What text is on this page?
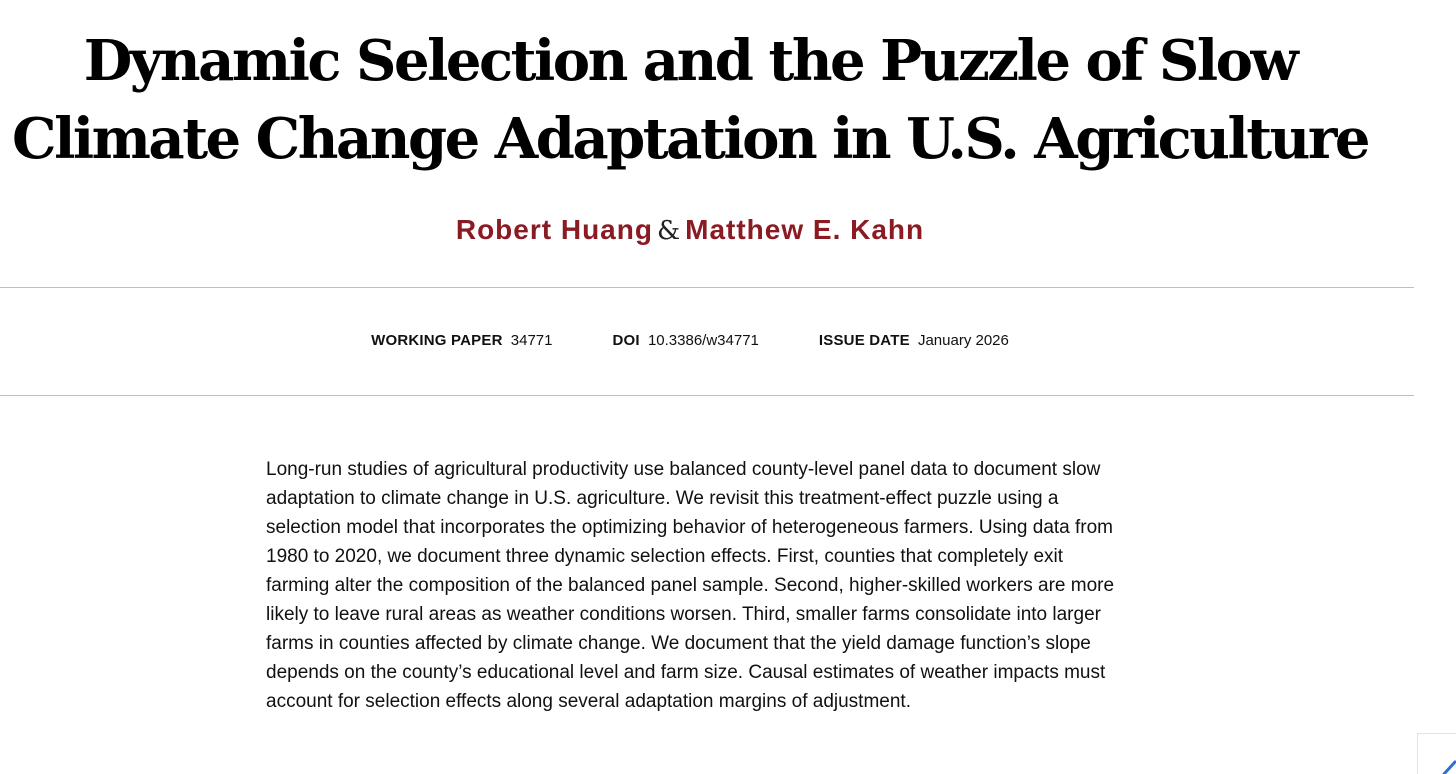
Dynamic Selection and the Puzzle of Slow Climate Change Adaptation in U.S. Agriculture
Robert Huang & Matthew E. Kahn
WORKING PAPER 34771	DOI 10.3386/w34771	ISSUE DATE January 2026

Long-run studies of agricultural productivity use balanced county-level panel data to document slow adaptation to climate change in U.S. agriculture. We revisit this treatment-effect puzzle using a selection model that incorporates the optimizing behavior of heterogeneous farmers. Using data from 1980 to 2020, we document three dynamic selection effects. First, counties that completely exit farming alter the composition of the balanced panel sample. Second, higher-skilled workers are more likely to leave rural areas as weather conditions worsen. Third, smaller farms consolidate into larger farms in counties affected by climate change. We document that the yield damage function’s slope depends on the county’s educational level and farm size. Causal estimates of weather impacts must account for selection effects along several adaptation margins of adjustment.
